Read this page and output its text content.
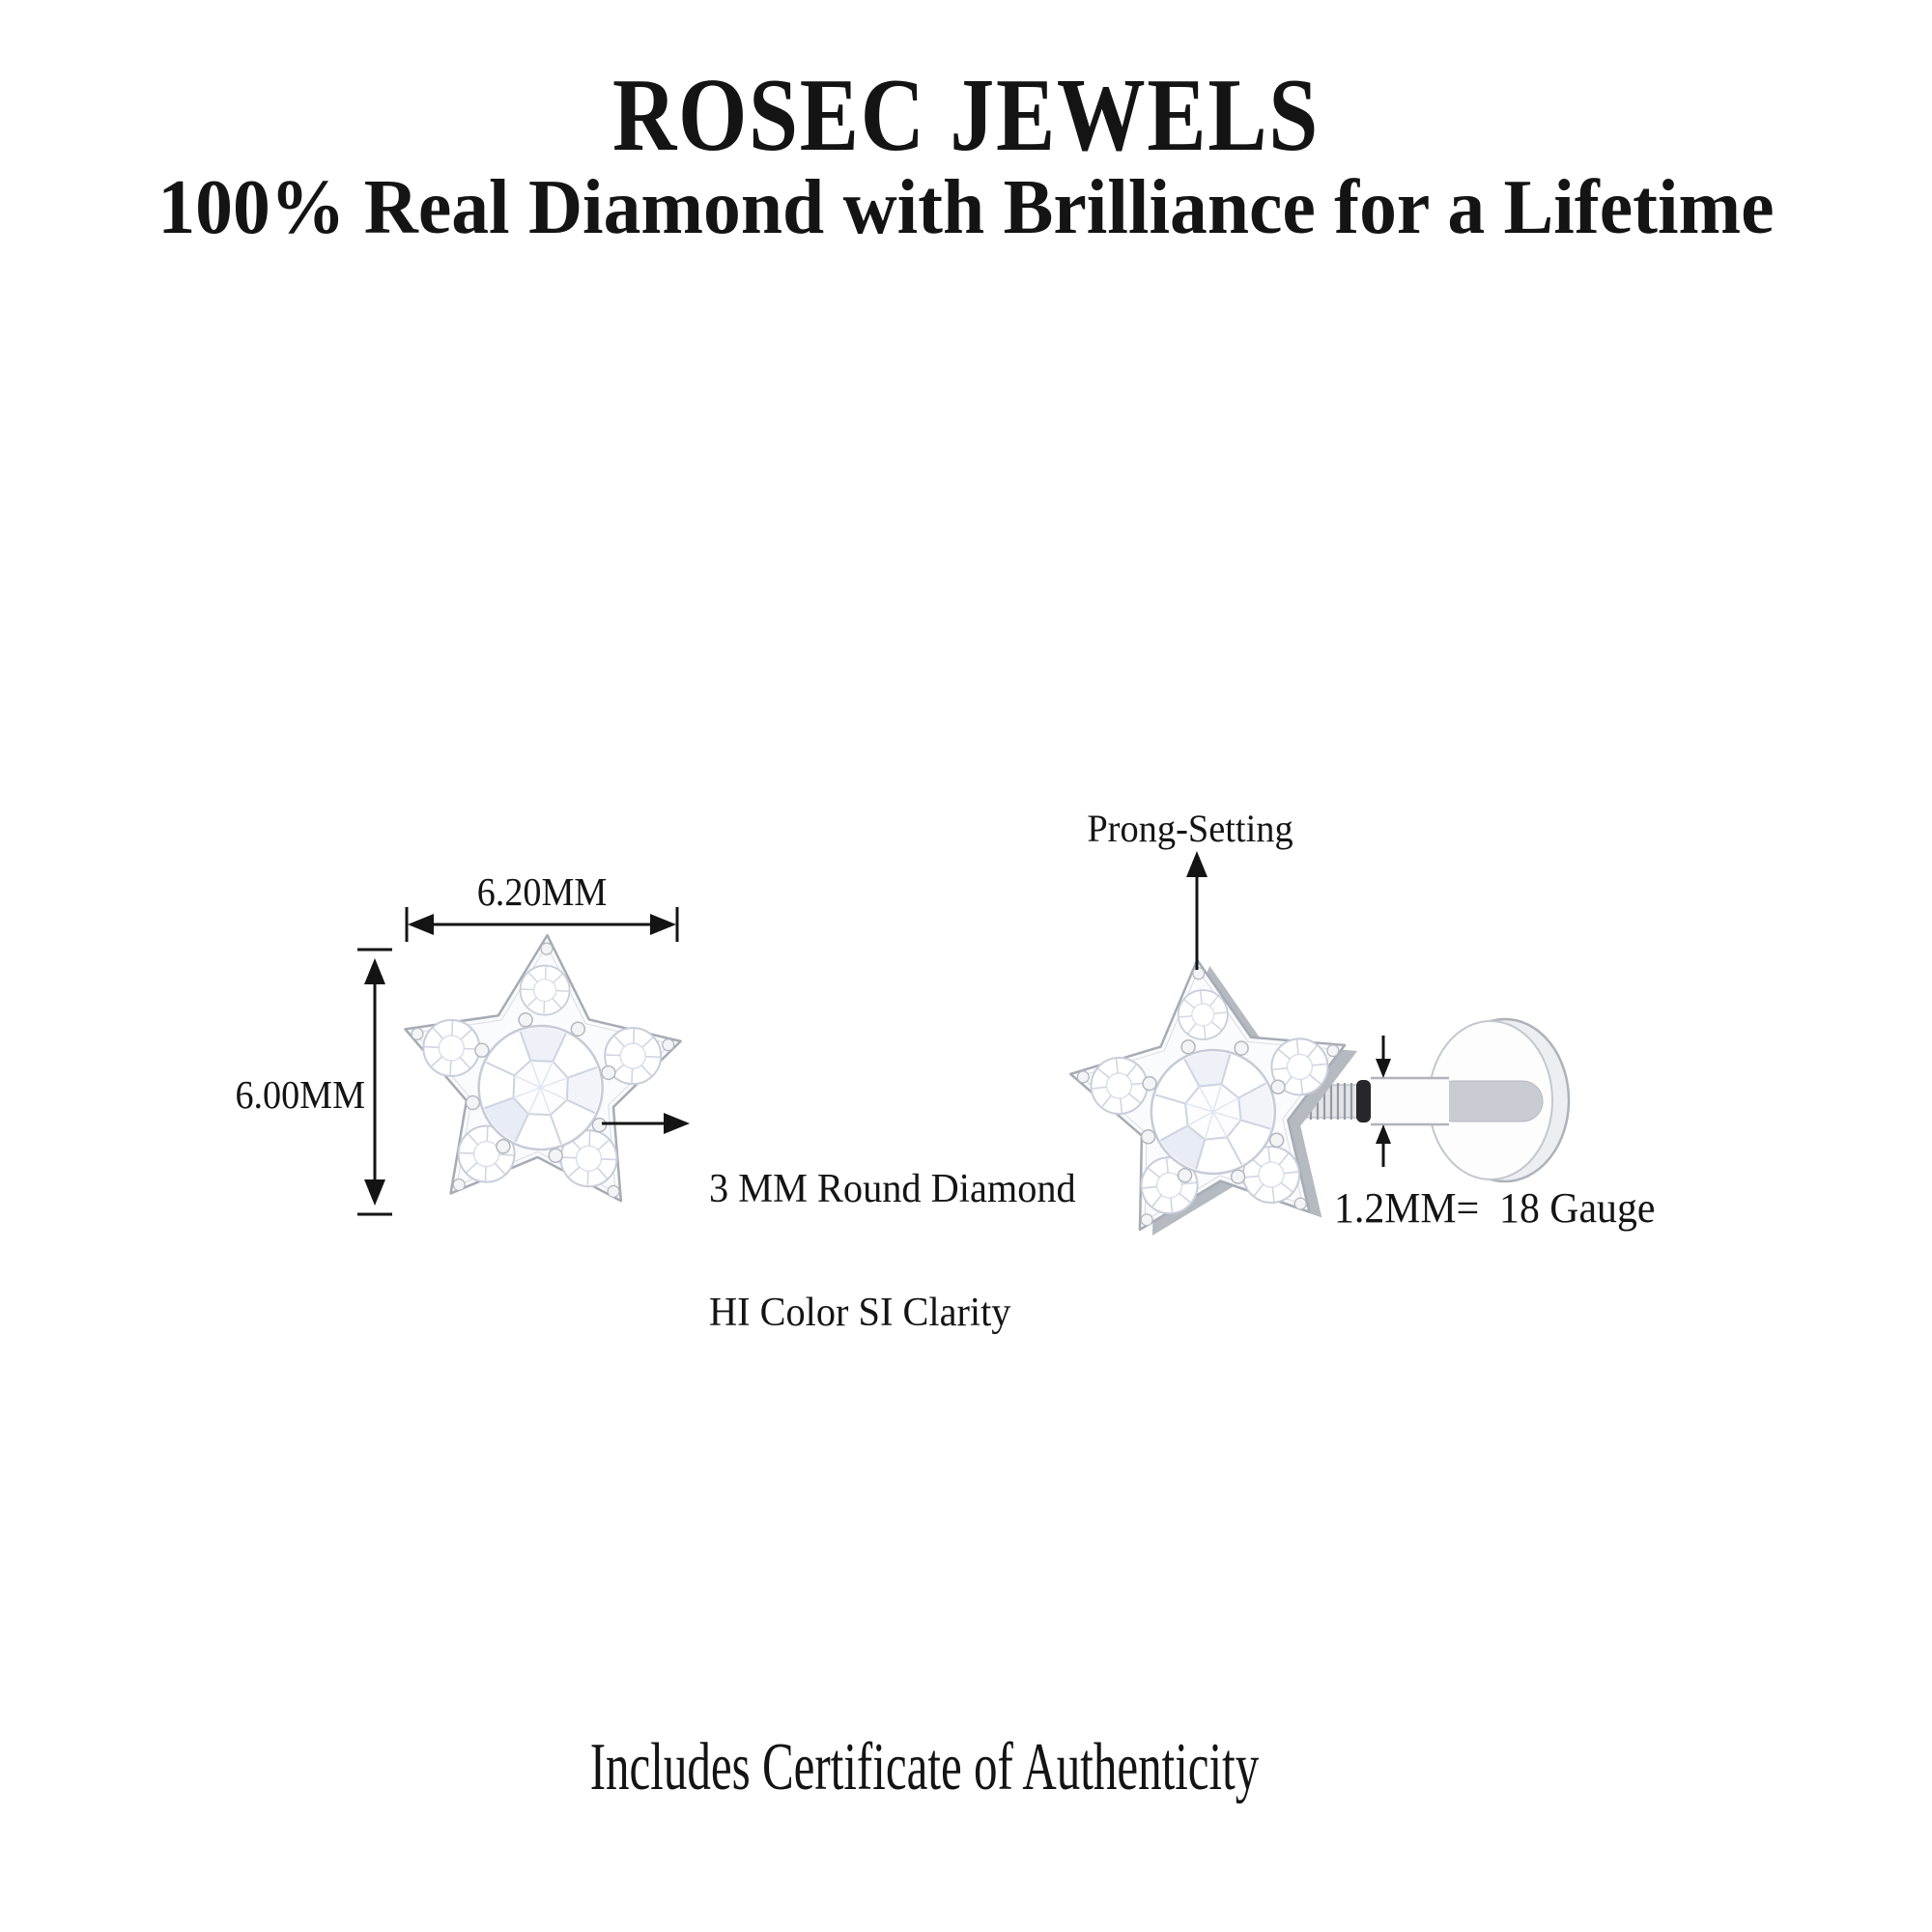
ROSEC JEWELS
100% Real Diamond with Brilliance for a Lifetime
6.20MM
6.00MM

3 MM Round Diamond

HI Color SI Clarity

Prong-Setting
1.2MM=  18 Gauge
Includes Certificate of Authenticity
